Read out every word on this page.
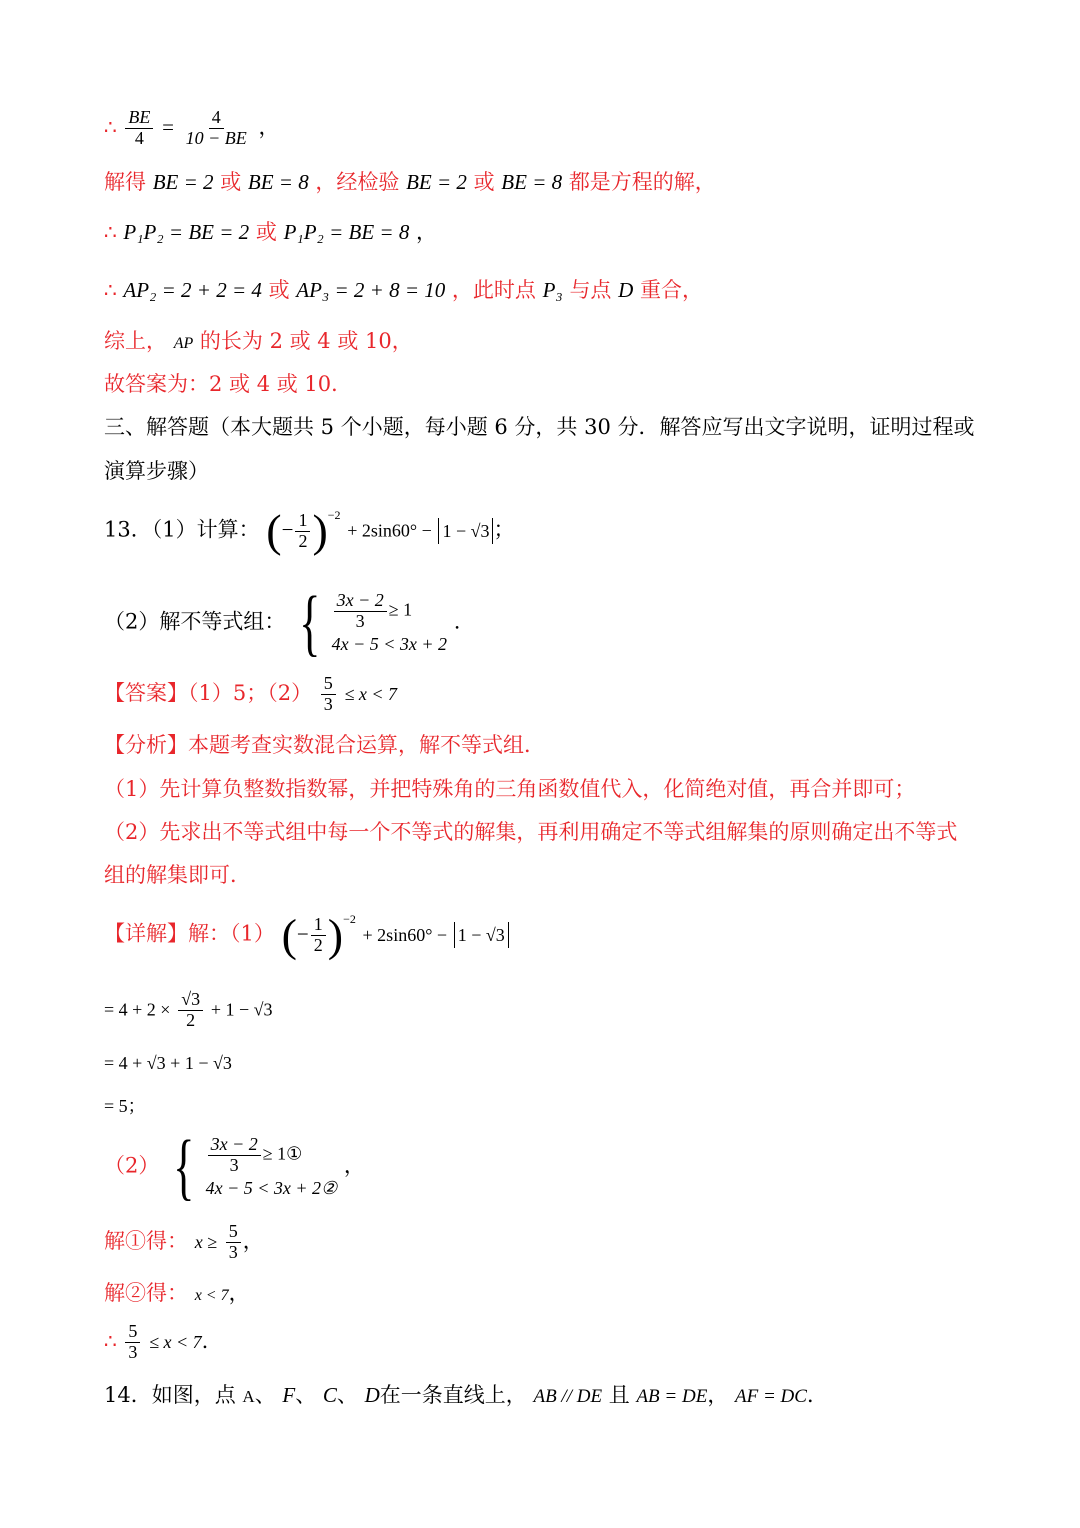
∴ $\frac{BE}{4} = \frac{4}{10 - BE}$ ，
解得 BE = 2 或 BE = 8 ，经检验 BE = 2 或 BE = 8 都是方程的解，
∴ P₁P₂ = BE = 2 或 P₁P₂ = BE = 8 ，
∴ AP₂ = 2 + 2 = 4 或 AP₃ = 2 + 8 = 10 ，此时点 P₃ 与点 D 重合，
综上， AP 的长为 2 或 4 或 10，
故答案为：2 或 4 或 10．
三、解答题（本大题共 5 个小题，每小题 6 分，共 30 分．解答应写出文字说明，证明过程或
演算步骤）
13．（1）计算： (− $\frac{1}{2} )^{-2} + 2\sin 60^\circ - 1 - √3$ ；
（2）解不等式组： { $\frac{3x - 2}{3} \ge 1$
4x − 5 < 3x + 2
.
【答案】（1）5；$(2) \frac{5}{3} \le x < 7$
【分析】本题考查实数混合运算，解不等式组．
（1）先计算负整数指数幂，并把特殊角的三角函数值代入，化简绝对值，再合并即可；
（2）先求出不等式组中每一个不等式的解集，再利用确定不等式组解集的原则确定出不等式
组的解集即可．
【详解】解：（1） (− $\frac{1}{2} )^{-2} + 2\sin 60^\circ - 1 - √3$
= $4 + 2 \times \frac{√3}{2} + 1 - √3$
= 4 + √3 + 1 − √3
= 5；
（2） { $\frac{3x - 2}{3}$ ≥ 1①
4x − 5 < 3x + 2②
，
解①得： $x \ge \frac{5}{3}$ ，
解②得： x < 7，
∴ $\frac{5}{3} \le x < 7$.
14．如图，点 A、 F、 C、 D在一条直线上， AB // DE 且 AB = DE， AF = DC．
